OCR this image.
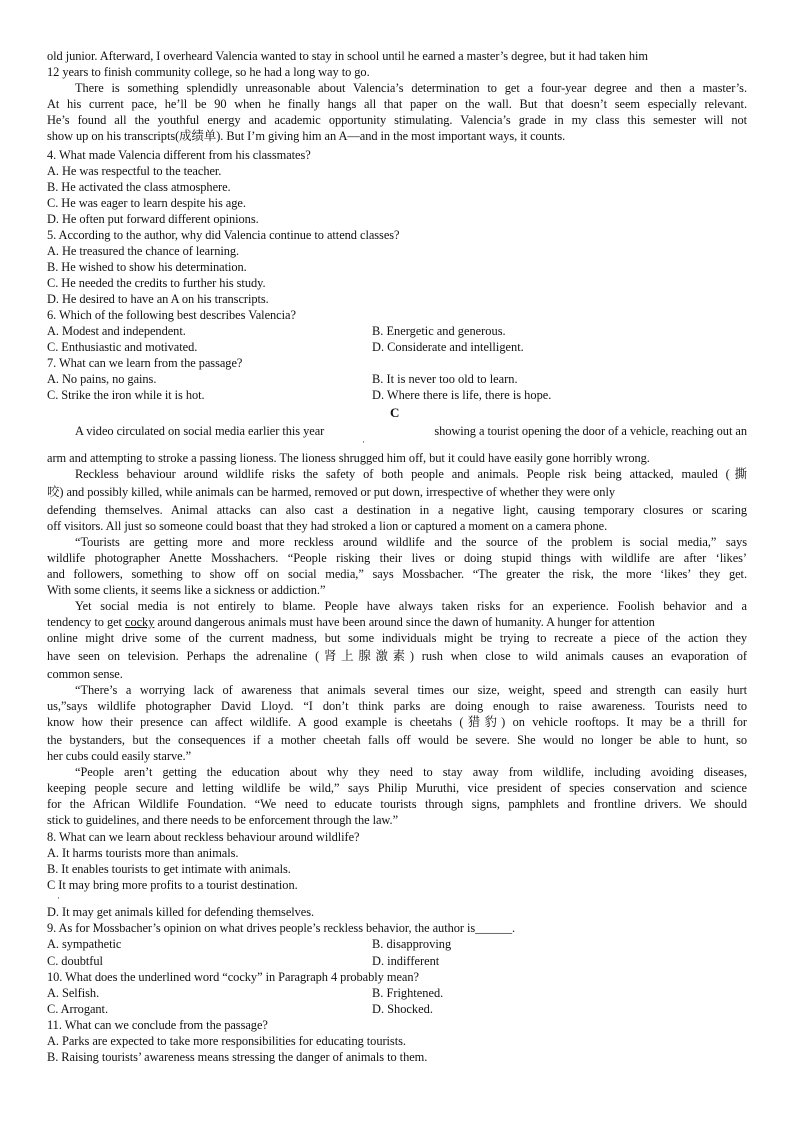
old junior. Afterward, I overheard Valencia wanted to stay in school until he earned a master’s degree, but it had taken him
12 years to finish community college, so he had a long way to go.
There is something splendidly unreasonable about Valencia’s determination to get a four-year degree and then a master’s.
At his current pace, he’ll be 90 when he finally hangs all that paper on the wall. But that doesn’t seem especially relevant.
He’s found all the youthful energy and academic opportunity stimulating. Valencia’s grade in my class this semester will not
show up on his transcripts(成绩单). But I’m giving him an A—and in the most important ways, it counts.
4. What made Valencia different from his classmates?
A. He was respectful to the teacher.
B. He activated the class atmosphere.
C. He was eager to learn despite his age.
D. He often put forward different opinions.
5. According to the author, why did Valencia continue to attend classes?
A. He treasured the chance of learning.
B. He wished to show his determination.
C. He needed the credits to further his study.
D. He desired to have an A on his transcripts.
6. Which of the following best describes Valencia?
A. Modest and independent.	B. Energetic and generous.
C. Enthusiastic and motivated.	D. Considerate and intelligent.
7. What can we learn from the passage?
A. No pains, no gains.	B. It is never too old to learn.
C. Strike the iron while it is hot.	D. Where there is life, there is hope.
C
A video circulated on social media earlier this year	showing a tourist opening the door of a vehicle, reaching out an
·
arm and attempting to stroke a passing lioness. The lioness shrugged him off, but it could have easily gone horribly wrong.
Reckless behaviour around wildlife risks the safety of both people and animals. People risk being attacked, mauled (撕
咬) and possibly killed, while animals can be harmed, removed or put down, irrespective of whether they were only
defending themselves. Animal attacks can also cast a destination in a negative light, causing temporary closures or scaring
off visitors. All just so someone could boast that they had stroked a lion or captured a moment on a camera phone.
“Tourists are getting more and more reckless around wildlife and the source of the problem is social media,” says
wildlife photographer Anette Mosshachers. “People risking their lives or doing stupid things with wildlife are after ‘likes’
and followers, something to show off on social media,” says Mossbacher. “The greater the risk, the more ‘likes’ they get.
With some clients, it seems like a sickness or addiction.”
Yet social media is not entirely to blame. People have always taken risks for an experience. Foolish behavior and a
tendency to get cocky around dangerous animals must have been around since the dawn of humanity. A hunger for attention
online might drive some of the current madness, but some individuals might be trying to recreate a piece of the action they
have seen on television. Perhaps the adrenaline (肾上腺激素) rush when close to wild animals causes an evaporation of
common sense.
“There’s a worrying lack of awareness that animals several times our size, weight, speed and strength can easily hurt
us,”says wildlife photographer David Lloyd. “I don’t think parks are doing enough to raise awareness. Tourists need to
know how their presence can affect wildlife. A good example is cheetahs (猎豹) on vehicle rooftops. It may be a thrill for
the bystanders, but the consequences if a mother cheetah falls off would be severe. She would no longer be able to hunt, so
her cubs could easily starve.”
“People aren’t getting the education about why they need to stay away from wildlife, including avoiding diseases,
keeping people secure and letting wildlife be wild,” says Philip Muruthi, vice president of species conservation and science
for the African Wildlife Foundation. “We need to educate tourists through signs, pamphlets and frontline drivers. We should
stick to guidelines, and there needs to be enforcement through the law.”
8. What can we learn about reckless behaviour around wildlife?
A. It harms tourists more than animals.
B. It enables tourists to get intimate with animals.
C It may bring more profits to a tourist destination.
·
D. It may get animals killed for defending themselves.
9. As for Mossbacher’s opinion on what drives people’s reckless behavior, the author is______.
A. sympathetic	B. disapproving
C. doubtful	D. indifferent
10. What does the underlined word “cocky” in Paragraph 4 probably mean?
A. Selfish.	B. Frightened.
C. Arrogant.	D. Shocked.
11. What can we conclude from the passage?
A. Parks are expected to take more responsibilities for educating tourists.
B. Raising tourists’ awareness means stressing the danger of animals to them.
